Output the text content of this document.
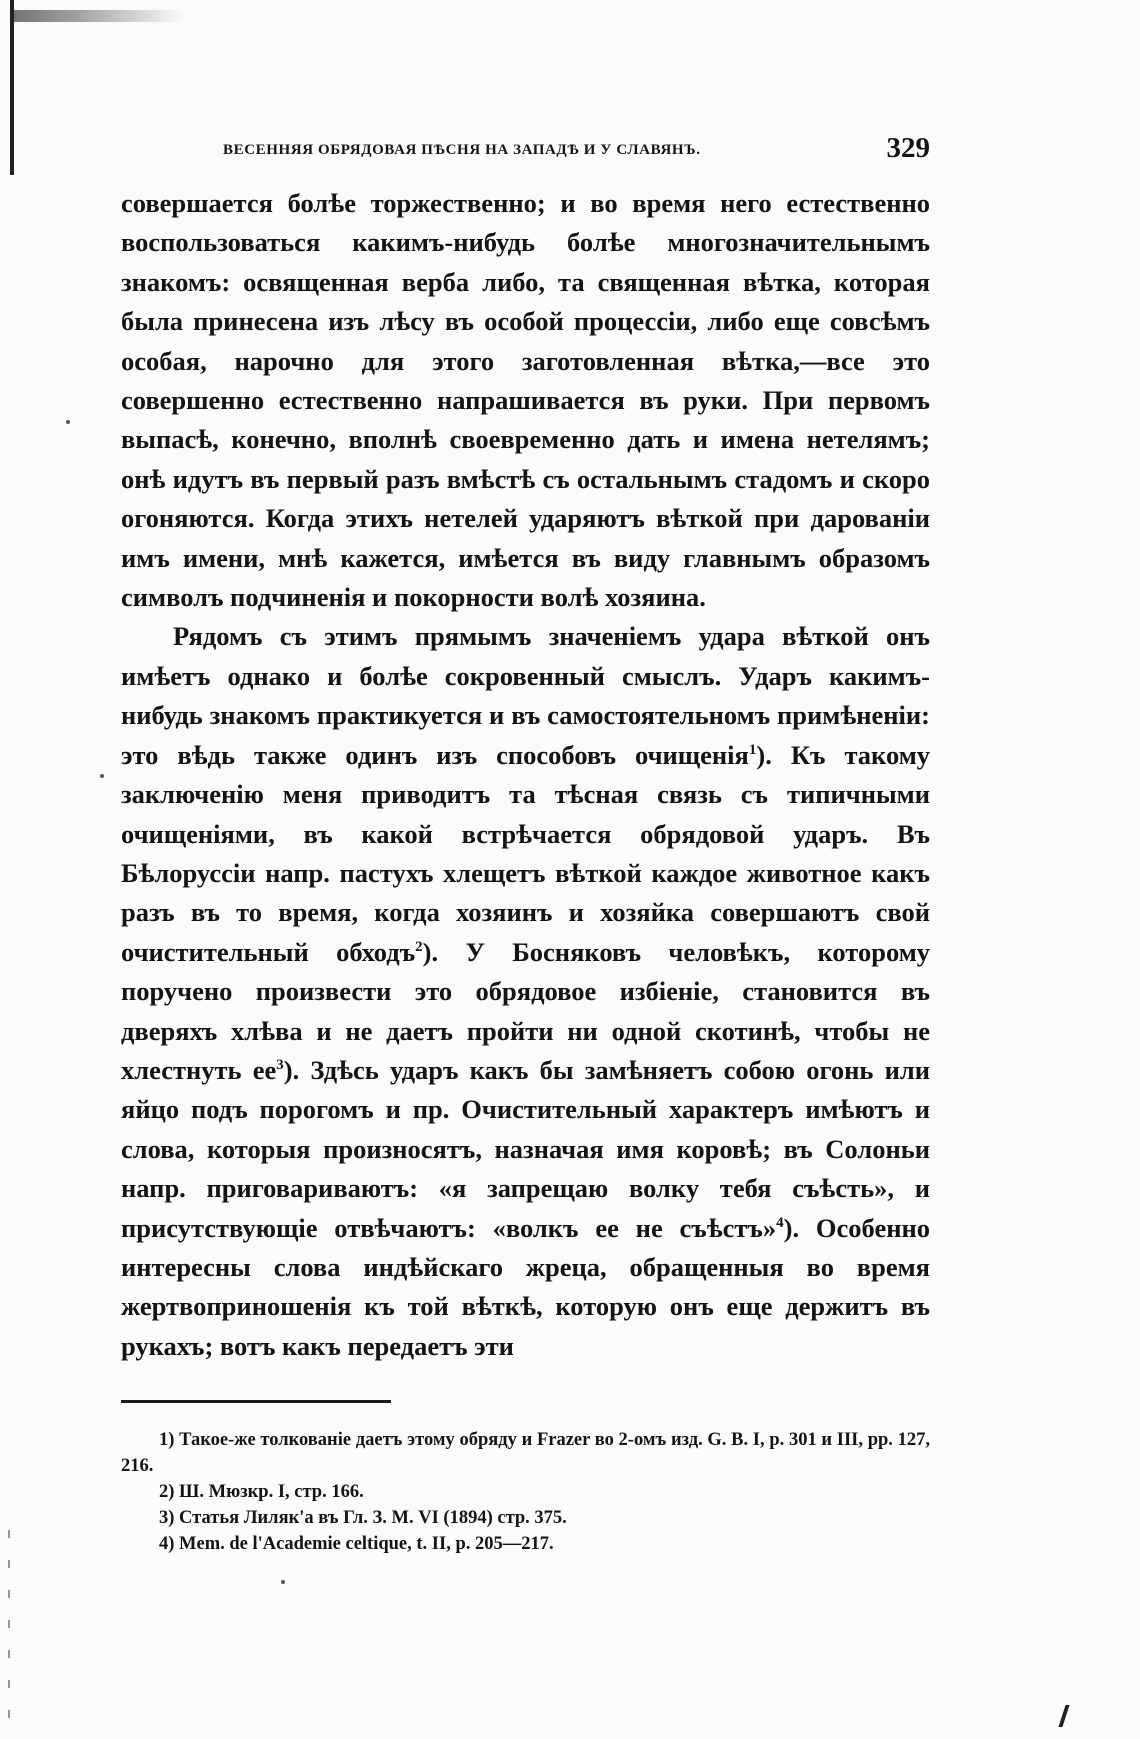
ВЕСЕННЯЯ ОБРЯДОВАЯ ПѢСНЯ НА ЗАПАДѢ И У СЛАВЯНЪ.	329

совершается болѣе торжественно; и во время него естественно воспользоваться какимъ-нибудь болѣе многозначительнымъ знакомъ: освященная верба либо, та священная вѣтка, которая была принесена изъ лѣсу въ особой процессіи, либо еще совсѣмъ особая, нарочно для этого заготовленная вѣтка,—все это совершенно естественно напрашивается въ руки. При первомъ выпасѣ, конечно, вполнѣ своевременно дать и имена нетелямъ; онѣ идутъ въ первый разъ вмѣстѣ съ остальнымъ стадомъ и скоро огоняются. Когда этихъ нетелей ударяютъ вѣткой при дарованіи имъ имени, мнѣ кажется, имѣется въ виду главнымъ образомъ символъ подчиненія и покорности волѣ хозяина.

Рядомъ съ этимъ прямымъ значеніемъ удара вѣткой онъ имѣетъ однако и болѣе сокровенный смыслъ. Ударъ какимъ-нибудь знакомъ практикуется и въ самостоятельномъ примѣненіи: это вѣдь также одинъ изъ способовъ очищенія$^1$). Къ такому заключенію меня приводитъ та тѣсная связь съ типичными очищеніями, въ какой встрѣчается обрядовой ударъ. Въ Бѣлоруссіи напр. пастухъ хлещетъ вѣткой каждое животное какъ разъ въ то время, когда хозяинъ и хозяйка совершаютъ свой очистительный обходъ$^2$). У Босняковъ человѣкъ, которому поручено произвести это обрядовое избіеніе, становится въ дверяхъ хлѣва и не даетъ пройти ни одной скотинѣ, чтобы не хлестнуть $ее^3$). Здѣсь ударъ какъ бы замѣняетъ собою огонь или яйцо подъ порогомъ и пр. Очистительный характеръ имѣютъ и слова, которыя произносятъ, назначая имя коровѣ; въ Солоньи напр. приговариваютъ: «я запрещаю волку тебя съѣсть», и присутствующіе отвѣчаютъ: «волкъ ее не съѣстъ»$^4$). Особенно интересны слова индѣйскаго жреца, обращенныя во время жертвоприношенія къ той вѣткѣ, которую онъ еще держитъ въ рукахъ; вотъ какъ передаетъ эти

1) Такое-же толкованіе даетъ этому обряду и Frazer во 2-омъ изд. G. B. I, p. 301 и III, pp. 127, 216.

2) Ш. Мюзкр. I, стр. 166.

3) Статья Лиляк'а въ Гл. З. М. VI (1894) стр. 375.

4) Mem. de l'Academie celtique, t. II, p. 205—217.
